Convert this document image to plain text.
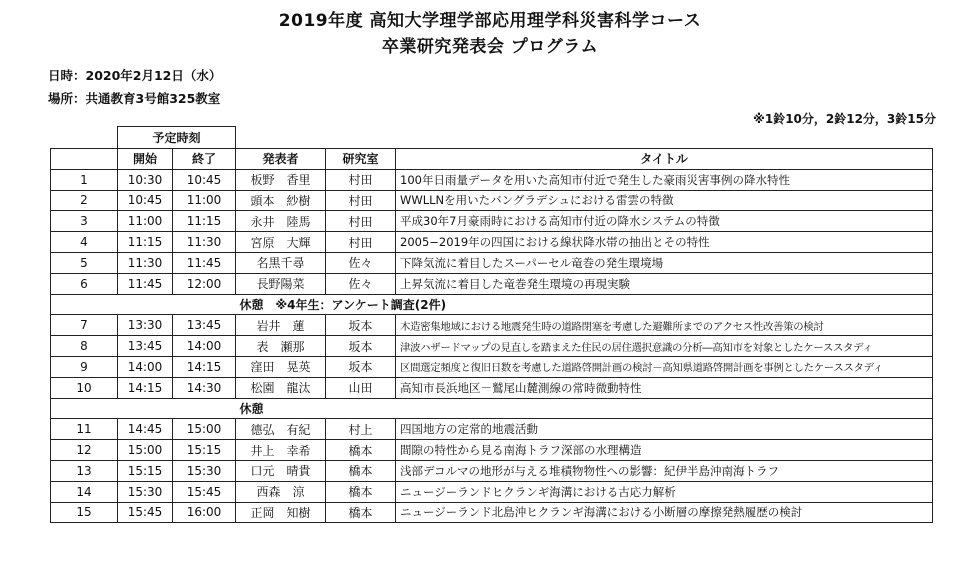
2019年度 高知大学理学部応用理学科災害科学コース
卒業研究発表会 プログラム
日時：2020年2月12日（水）
場所：共通教育3号館325教室
※1鈴10分，2鈴12分，3鈴15分
	予定時刻				
	開始	終了	発表者	研究室	タイトル
1	10:30	10:45	板野　香里	村田	100年日雨量データを用いた高知市付近で発生した豪雨災害事例の降水特性
2	10:45	11:00	頭本　紗樹	村田	WWLLNを用いたバングラデシュにおける雷雲の特徴
3	11:00	11:15	永井　陸馬	村田	平成30年7月豪雨時における高知市付近の降水システムの特徴
4	11:15	11:30	宮原　大輝	村田	2005−2019年の四国における線状降水帯の抽出とその特性
5	11:30	11:45	名黒千尋	佐々	下降気流に着目したスーパーセル竜巻の発生環境場
6	11:45	12:00	長野陽菜	佐々	上昇気流に着目した竜巻発生環境の再現実験
			休憩　※4年生：アンケート調査(2件)		
7	13:30	13:45	岩井　蓮	坂本	木造密集地域における地震発生時の道路閉塞を考慮した避難所までのアクセス性改善策の検討
8	13:45	14:00	表　瀬那	坂本	津波ハザードマップの見直しを踏まえた住民の居住選択意識の分析―高知市を対象としたケーススタディ
9	14:00	14:15	窪田　晃英	坂本	区間選定頻度と復旧日数を考慮した道路啓開計画の検討－高知県道路啓開計画を事例としたケーススタディ
10	14:15	14:30	松園　龍汰	山田	高知市長浜地区－鷲尾山麓測線の常時微動特性
			休憩		
11	14:45	15:00	德弘　有紀	村上	四国地方の定常的地震活動
12	15:00	15:15	井上　幸希	橋本	間隙の特性から見る南海トラフ深部の水理構造
13	15:15	15:30	口元　晴貴	橋本	浅部デコルマの地形が与える堆積物物性への影響：紀伊半島沖南海トラフ
14	15:30	15:45	西森　涼	橋本	ニュージーランドヒクランギ海溝における古応力解析
15	15:45	16:00	正岡　知樹	橋本	ニュージーランド北島沖ヒクランギ海溝における小断層の摩擦発熱履歴の検討
